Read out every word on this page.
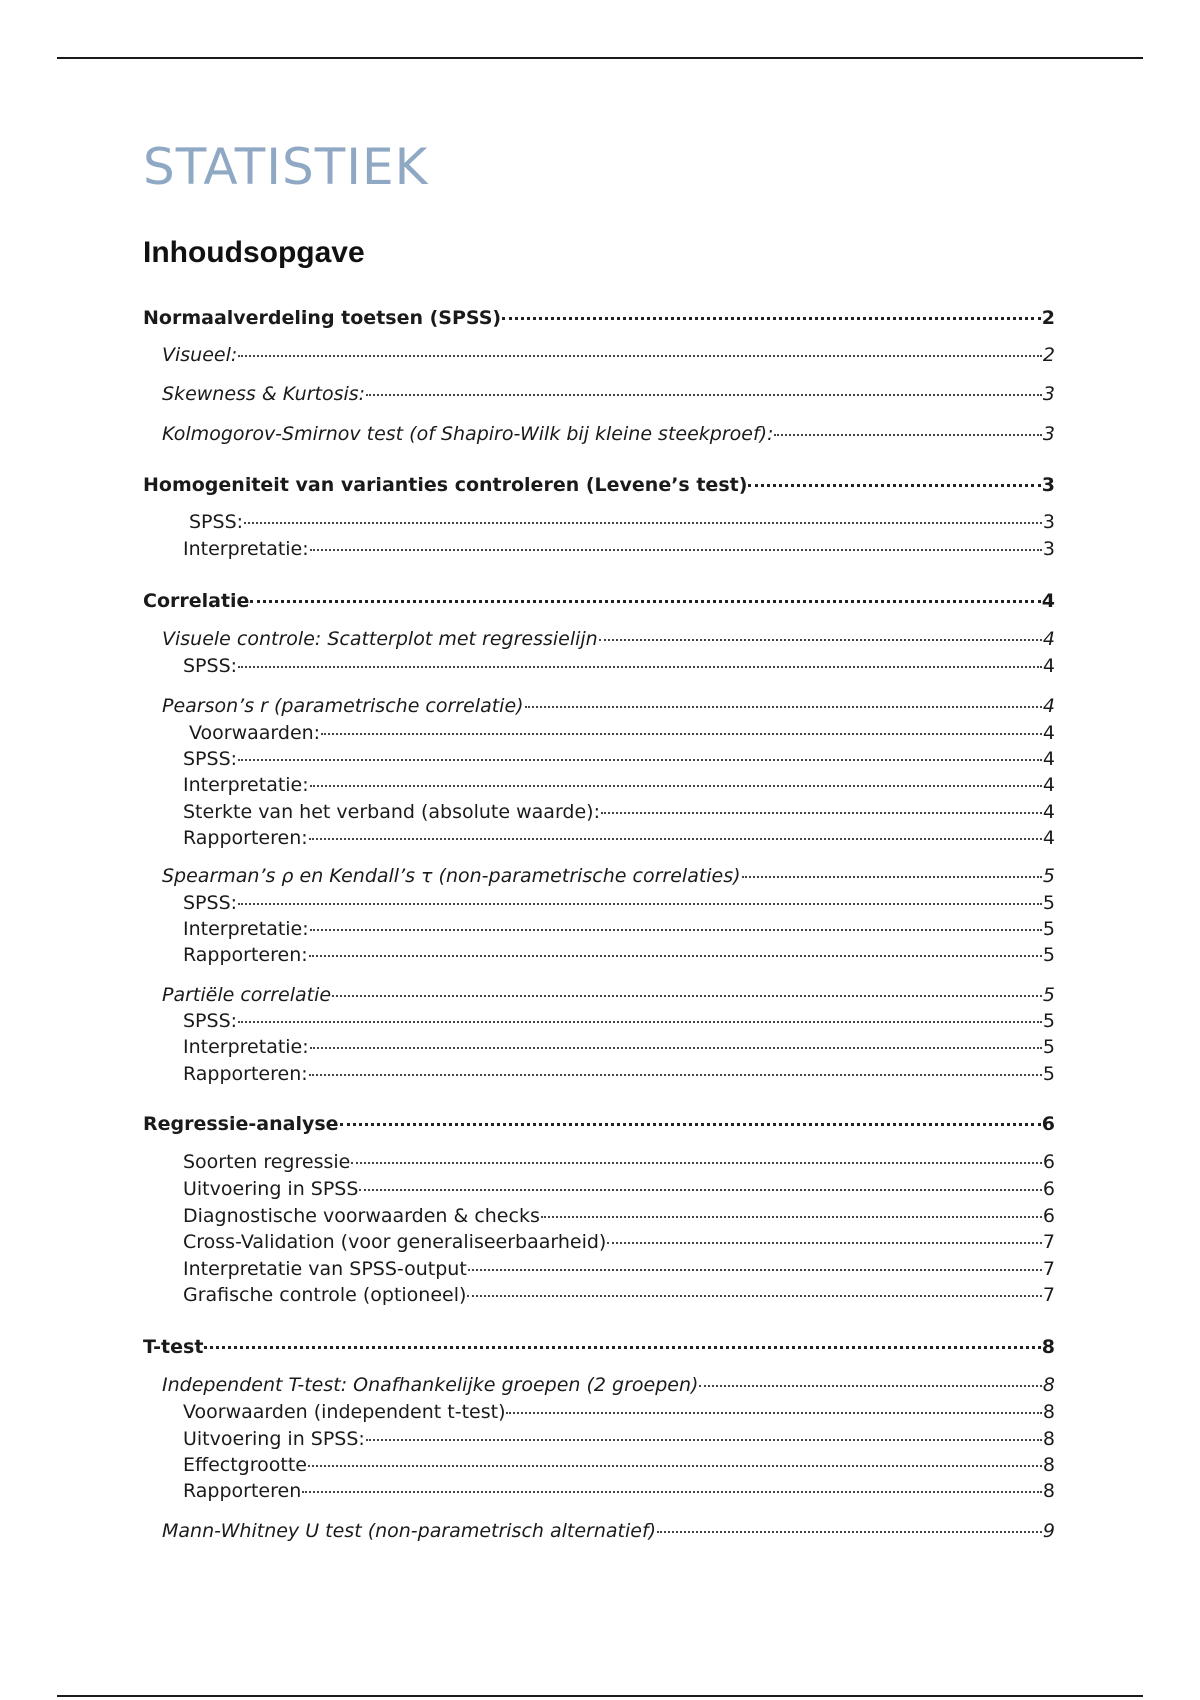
STATISTIEK
Inhoudsopgave
Normaalverdeling toetsen (SPSS)	2
Visueel:	2
Skewness & Kurtosis:	3
Kolmogorov-Smirnov test (of Shapiro-Wilk bij kleine steekproef):	3
Homogeniteit van varianties controleren (Levene’s test)	3
SPSS:	3
Interpretatie:	3
Correlatie	4
Visuele controle: Scatterplot met regressielijn	4
SPSS:	4
Pearson’s r (parametrische correlatie)	4
Voorwaarden:	4
SPSS:	4
Interpretatie:	4
Sterkte van het verband (absolute waarde):	4
Rapporteren:	4
Spearman’s ρ en Kendall’s τ (non-parametrische correlaties)	5
SPSS:	5
Interpretatie:	5
Rapporteren:	5
Partiële correlatie	5
SPSS:	5
Interpretatie:	5
Rapporteren:	5
Regressie-analyse	6
Soorten regressie	6
Uitvoering in SPSS	6
Diagnostische voorwaarden & checks	6
Cross-Validation (voor generaliseerbaarheid)	7
Interpretatie van SPSS-output	7
Grafische controle (optioneel)	7
T-test	8
Independent T-test: Onafhankelijke groepen (2 groepen)	8
Voorwaarden (independent t-test)	8
Uitvoering in SPSS:	8
Effectgrootte	8
Rapporteren	8
Mann-Whitney U test (non-parametrisch alternatief)	9
